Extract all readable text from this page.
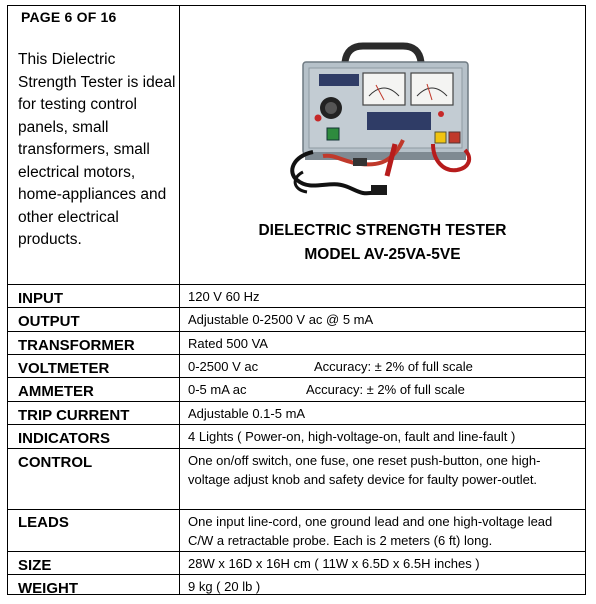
PAGE 6 OF 16
This Dielectric Strength Tester is ideal for testing control panels, small transformers, small electrical motors, home-appliances and other electrical products.
DIELECTRIC STRENGTH TESTER
MODEL AV-25VA-5VE
INPUT	120 V 60 Hz
OUTPUT	Adjustable 0-2500 V ac @ 5 mA
TRANSFORMER	Rated 500 VA
VOLTMETER	0-2500 V ac	Accuracy: ± 2% of full scale
AMMETER	0-5 mA ac	Accuracy: ± 2% of full scale
TRIP CURRENT	Adjustable 0.1-5 mA
INDICATORS	4 Lights ( Power-on, high-voltage-on, fault and line-fault )
CONTROL	One on/off switch, one fuse, one reset push-button, one high-voltage adjust knob and safety device for faulty power-outlet.
LEADS	One input line-cord, one ground lead and one high-voltage lead C/W a retractable probe. Each is 2 meters (6 ft) long.
SIZE	28W x 16D x 16H cm ( 11W x 6.5D x 6.5H inches )
WEIGHT	9 kg ( 20 lb )
